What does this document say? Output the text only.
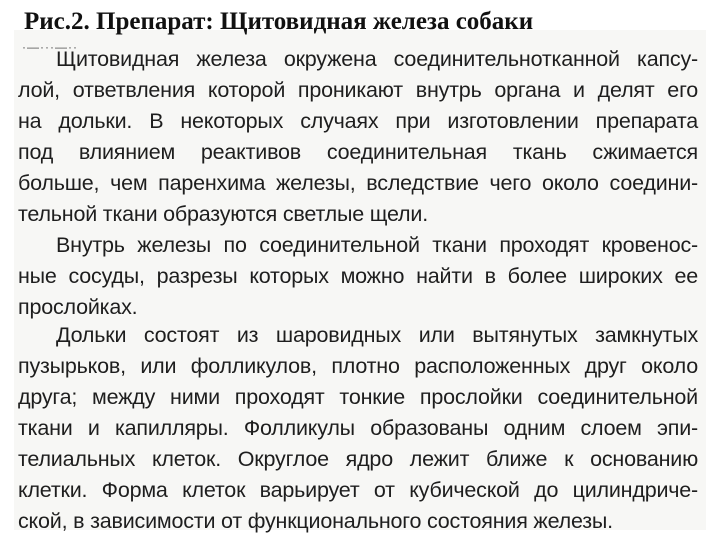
Рис.2. Препарат: Щитовидная железа собаки
·—···—··
Щитовидная железа окружена соединительнотканной капсу-
лой, ответвления которой проникают внутрь органа и делят его
на дольки. В некоторых случаях при изготовлении препарата
под влиянием реактивов соединительная ткань сжимается
больше, чем паренхима железы, вследствие чего около соедини-
тельной ткани образуются светлые щели.
Внутрь железы по соединительной ткани проходят кровенос-
ные сосуды, разрезы которых можно найти в более широких ее
прослойках.
Дольки состоят из шаровидных или вытянутых замкнутых
пузырьков, или фолликулов, плотно расположенных друг около
друга; между ними проходят тонкие прослойки соединительной
ткани и капилляры. Фолликулы образованы одним слоем эпи-
телиальных клеток. Округлое ядро лежит ближе к основанию
клетки. Форма клеток варьирует от кубической до цилиндриче-
ской, в зависимости от функционального состояния железы.
